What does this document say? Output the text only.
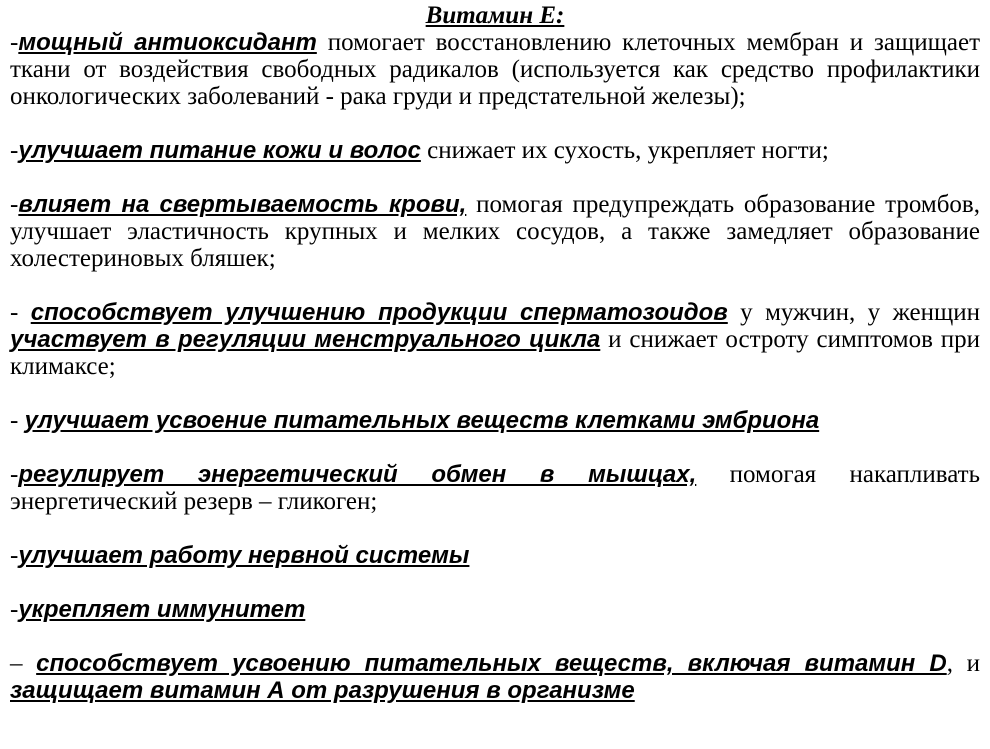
Витамин Е:

-мощный антиоксидант помогает восстановлению клеточных мембран и защищает ткани от воздействия свободных радикалов (используется как средство профилактики онкологических заболеваний - рака груди и предстательной железы);

-улучшает питание кожи и волос снижает их сухость, укрепляет ногти;

-влияет на свертываемость крови, помогая предупреждать образование тромбов, улучшает эластичность крупных и мелких сосудов, а также замедляет образование холестериновых бляшек;

- способствует улучшению продукции сперматозоидов у мужчин, у женщин участвует в регуляции менструального цикла и снижает остроту симптомов при климаксе;

- улучшает усвоение питательных веществ клетками эмбриона

-регулирует энергетический обмен в мышцах, помогая накапливать энергетический резерв – гликоген;

-улучшает работу нервной системы

-укрепляет иммунитет

– способствует усвоению питательных веществ, включая витамин D, и защищает витамин А от разрушения в организме
